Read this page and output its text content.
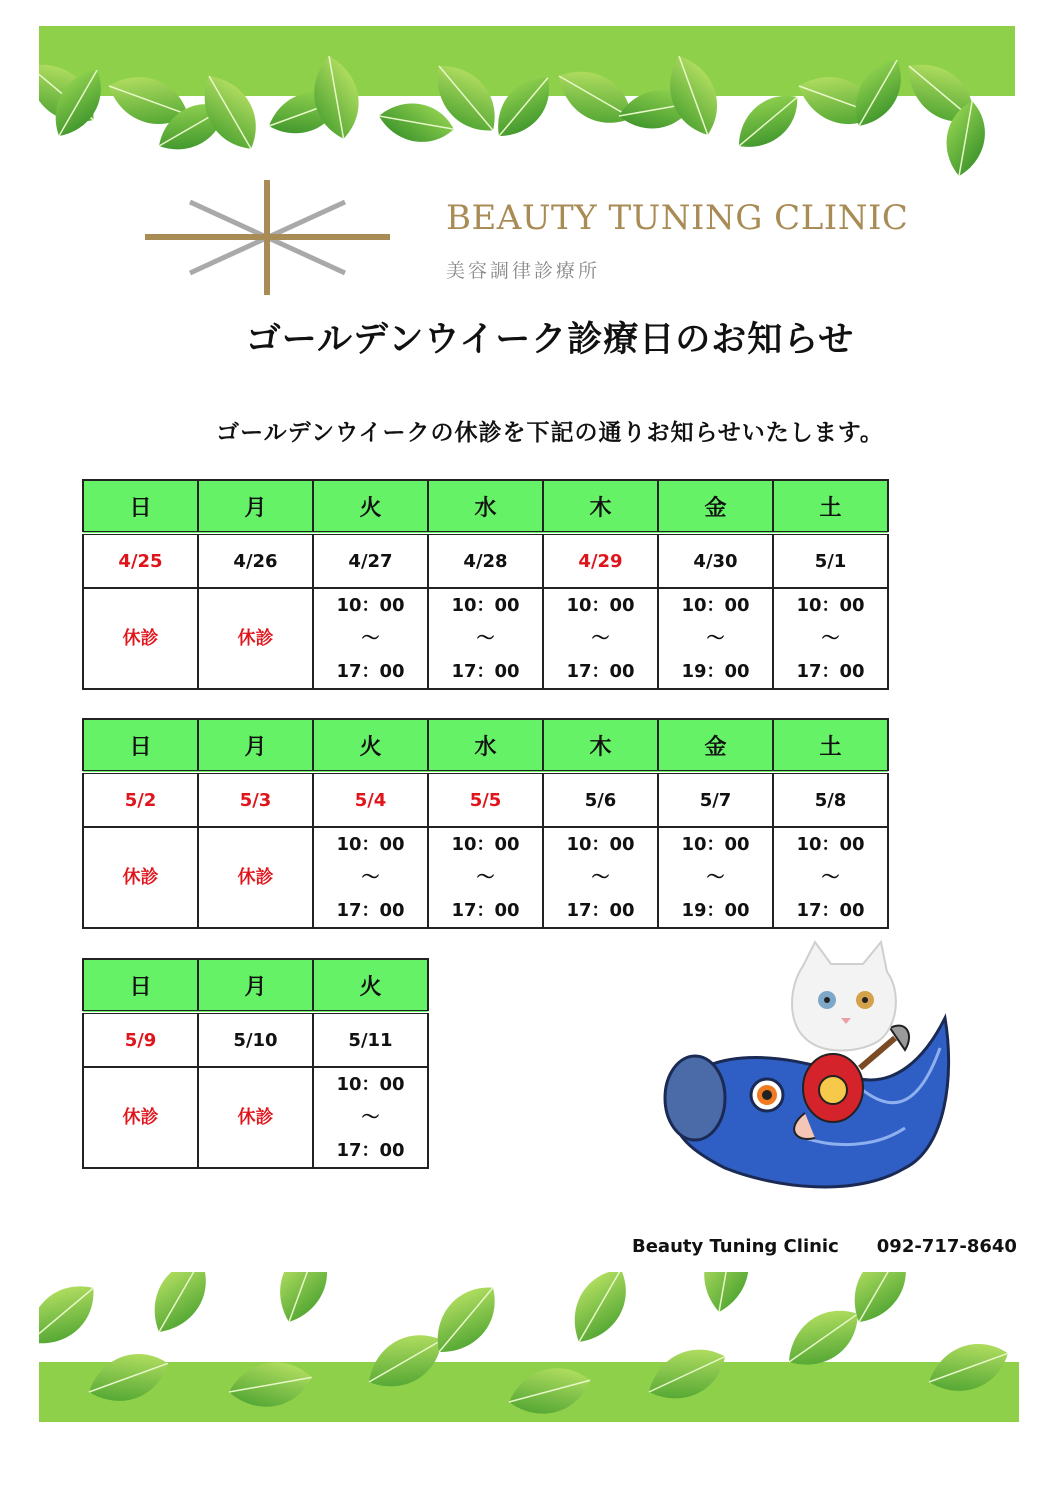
BEAUTY TUNING CLINIC
美容調律診療所
ゴールデンウイーク診療日のお知らせ
ゴールデンウイークの休診を下記の通りお知らせいたします。
日	月	火	水	木	金	土
4/25	4/26	4/27	4/28	4/29	4/30	5/1
休診	休診	10：00
～
17：00	10：00
～
17：00	10：00
～
17：00	10：00
～
19：00	10：00
～
17：00
日	月	火	水	木	金	土
5/2	5/3	5/4	5/5	5/6	5/7	5/8
休診	休診	10：00
～
17：00	10：00
～
17：00	10：00
～
17：00	10：00
～
19：00	10：00
～
17：00
日	月	火
5/9	5/10	5/11
休診	休診	10：00
～
17：00
Beauty Tuning Clinic 092-717-8640
